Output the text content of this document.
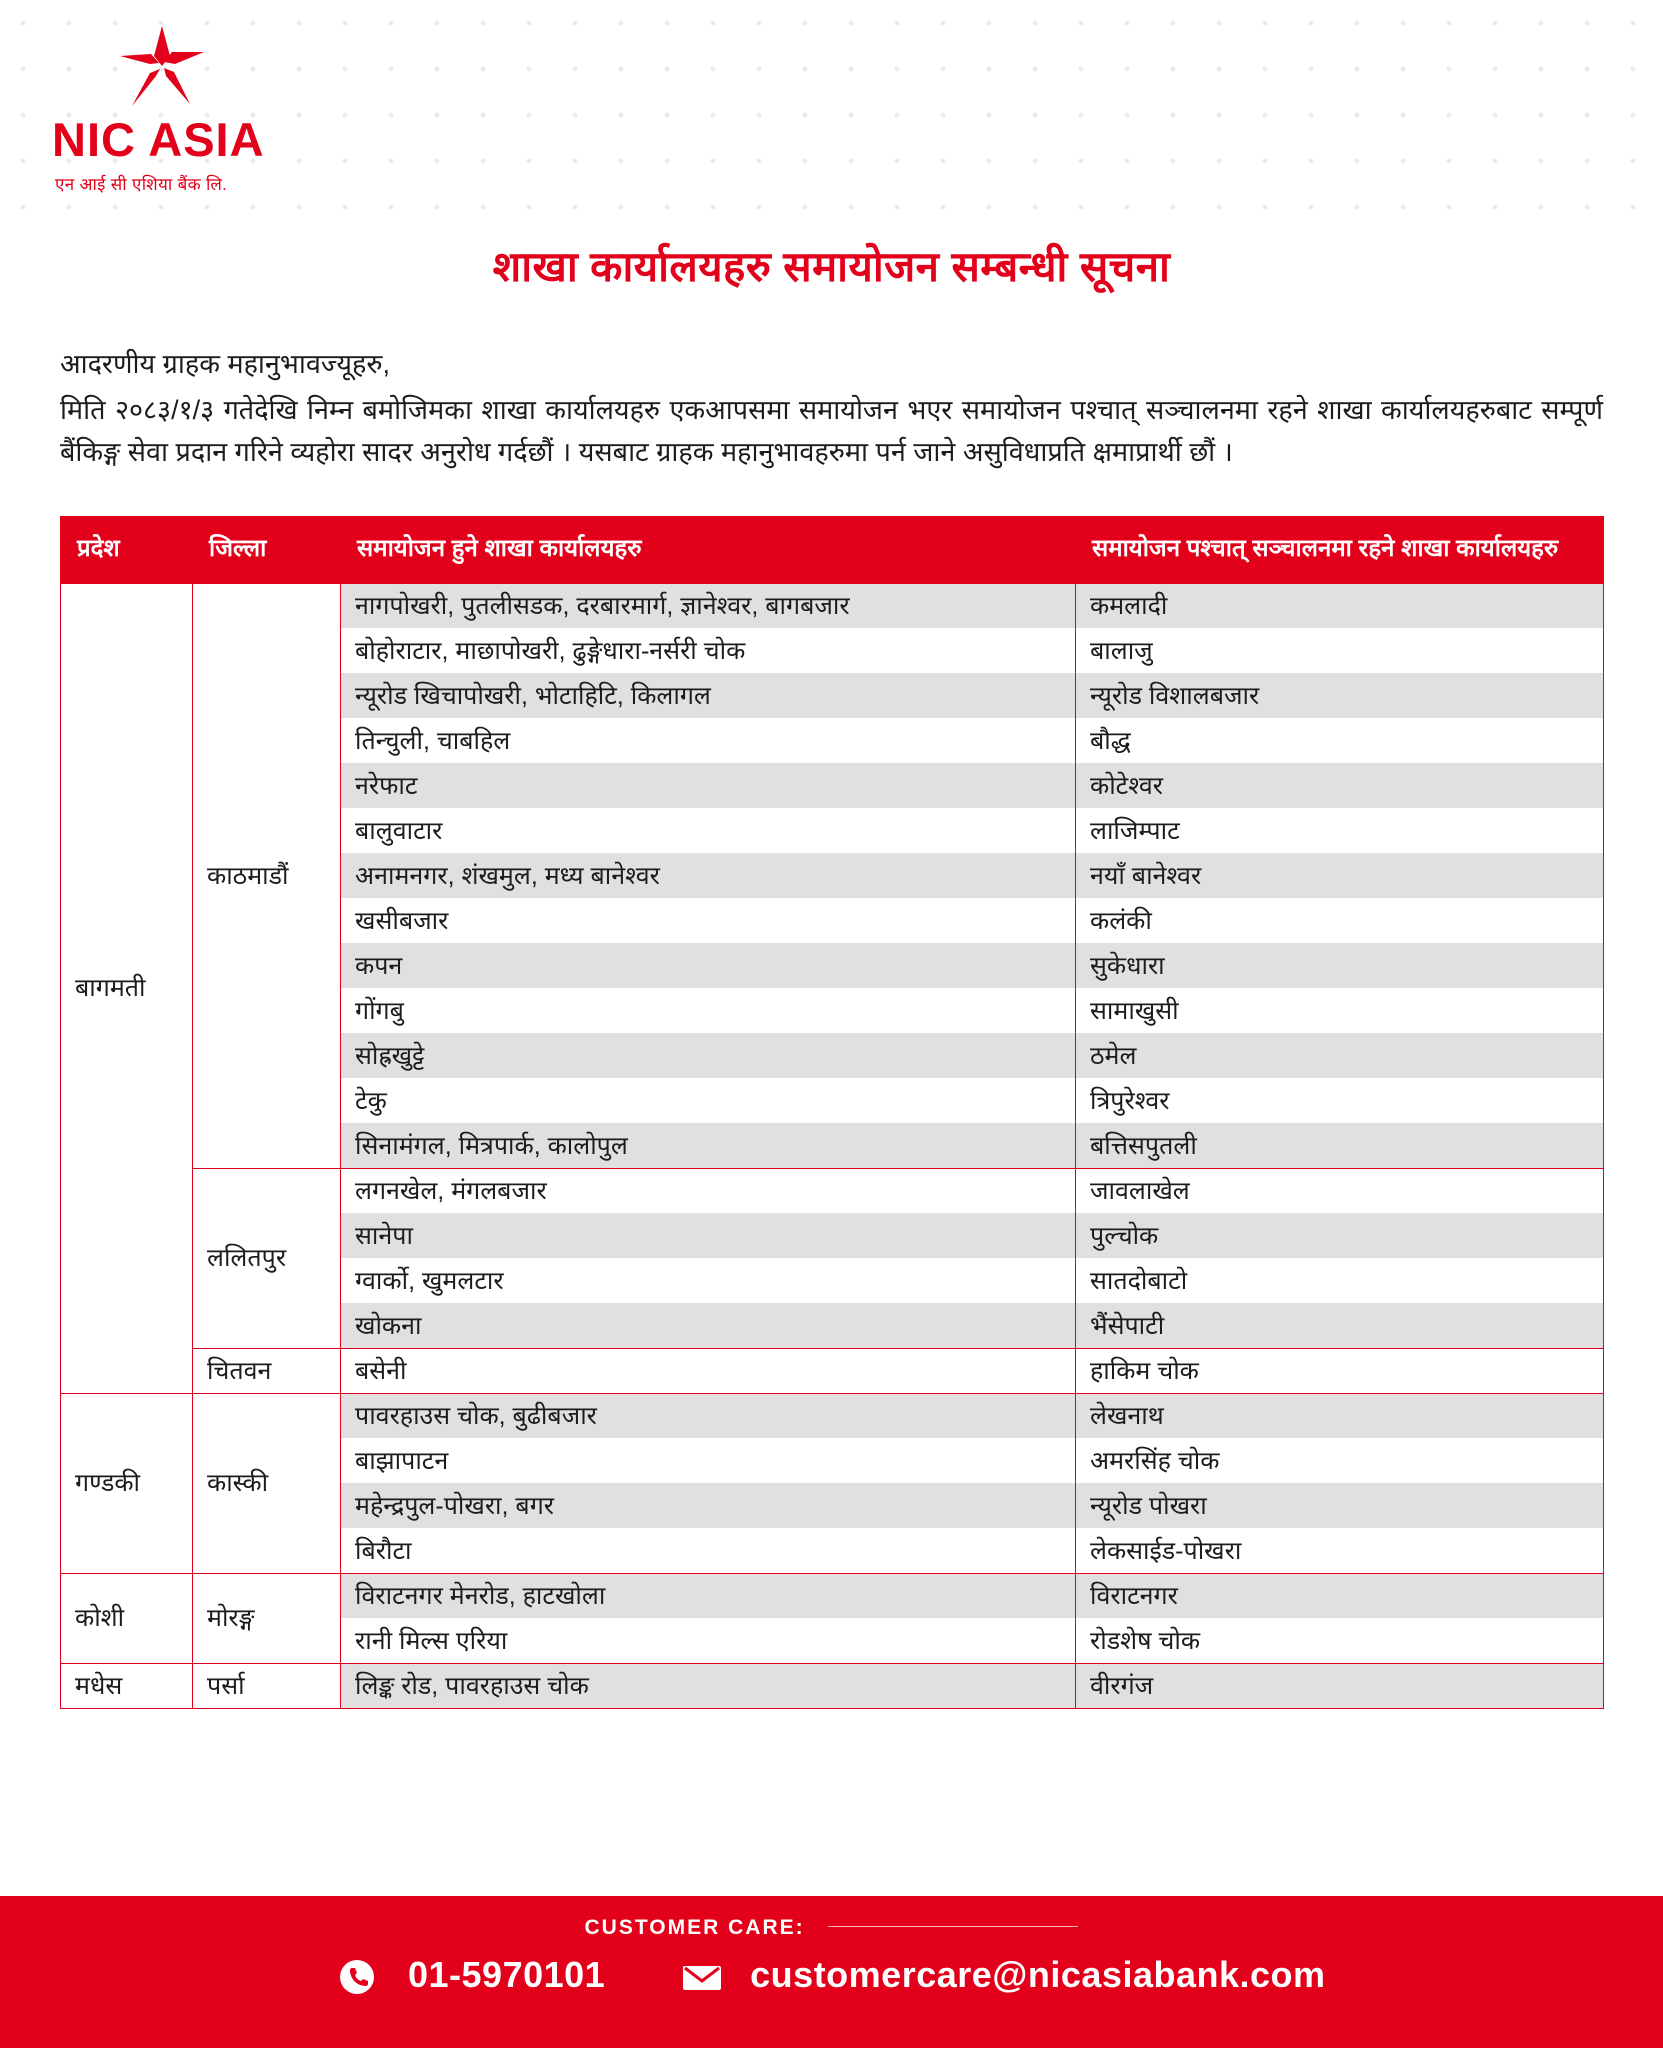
NIC ASIA
एन आई सी एशिया बैंक लि.
शाखा कार्यालयहरु समायोजन सम्बन्धी सूचना
आदरणीय ग्राहक महानुभावज्यूहरु,
मिति २०८३/१/३ गतेदेखि निम्न बमोजिमका शाखा कार्यालयहरु एकआपसमा समायोजन भएर समायोजन पश्चात् सञ्चालनमा रहने शाखा कार्यालयहरुबाट सम्पूर्ण बैंकिङ्ग सेवा प्रदान गरिने व्यहोरा सादर अनुरोध गर्दछौं । यसबाट ग्राहक महानुभावहरुमा पर्न जाने असुविधाप्रति क्षमाप्रार्थी छौं ।
प्रदेश	जिल्ला	समायोजन हुने शाखा कार्यालयहरु	समायोजन पश्चात् सञ्चालनमा रहने शाखा कार्यालयहरु
बागमती	काठमाडौं	नागपोखरी, पुतलीसडक, दरबारमार्ग, ज्ञानेश्वर, बागबजार	कमलादी
		बोहोराटार, माछापोखरी, ढुङ्गेधारा-नर्सरी चोक	बालाजु
		न्यूरोड खिचापोखरी, भोटाहिटि, किलागल	न्यूरोड विशालबजार
		तिन्चुली, चाबहिल	बौद्ध
		नरेफाट	कोटेश्वर
		बालुवाटार	लाजिम्पाट
		अनामनगर, शंखमुल, मध्य बानेश्वर	नयाँ बानेश्वर
		खसीबजार	कलंकी
		कपन	सुकेधारा
		गोंगबु	सामाखुसी
		सोह्रखुट्टे	ठमेल
		टेकु	त्रिपुरेश्वर
		सिनामंगल, मित्रपार्क, कालोपुल	बत्तिसपुतली
	ललितपुर	लगनखेल, मंगलबजार	जावलाखेल
		सानेपा	पुल्चोक
		ग्वार्को, खुमलटार	सातदोबाटो
		खोकना	भैंसेपाटी
	चितवन	बसेनी	हाकिम चोक
गण्डकी	कास्की	पावरहाउस चोक, बुढीबजार	लेखनाथ
		बाझापाटन	अमरसिंह चोक
		महेन्द्रपुल-पोखरा, बगर	न्यूरोड पोखरा
		बिरौटा	लेकसाईड-पोखरा
कोशी	मोरङ्ग	विराटनगर मेनरोड, हाटखोला	विराटनगर
		रानी मिल्स एरिया	रोडशेष चोक
मधेस	पर्सा	लिङ्क रोड, पावरहाउस चोक	वीरगंज
CUSTOMER CARE:
01-5970101	customercare@nicasiabank.com
